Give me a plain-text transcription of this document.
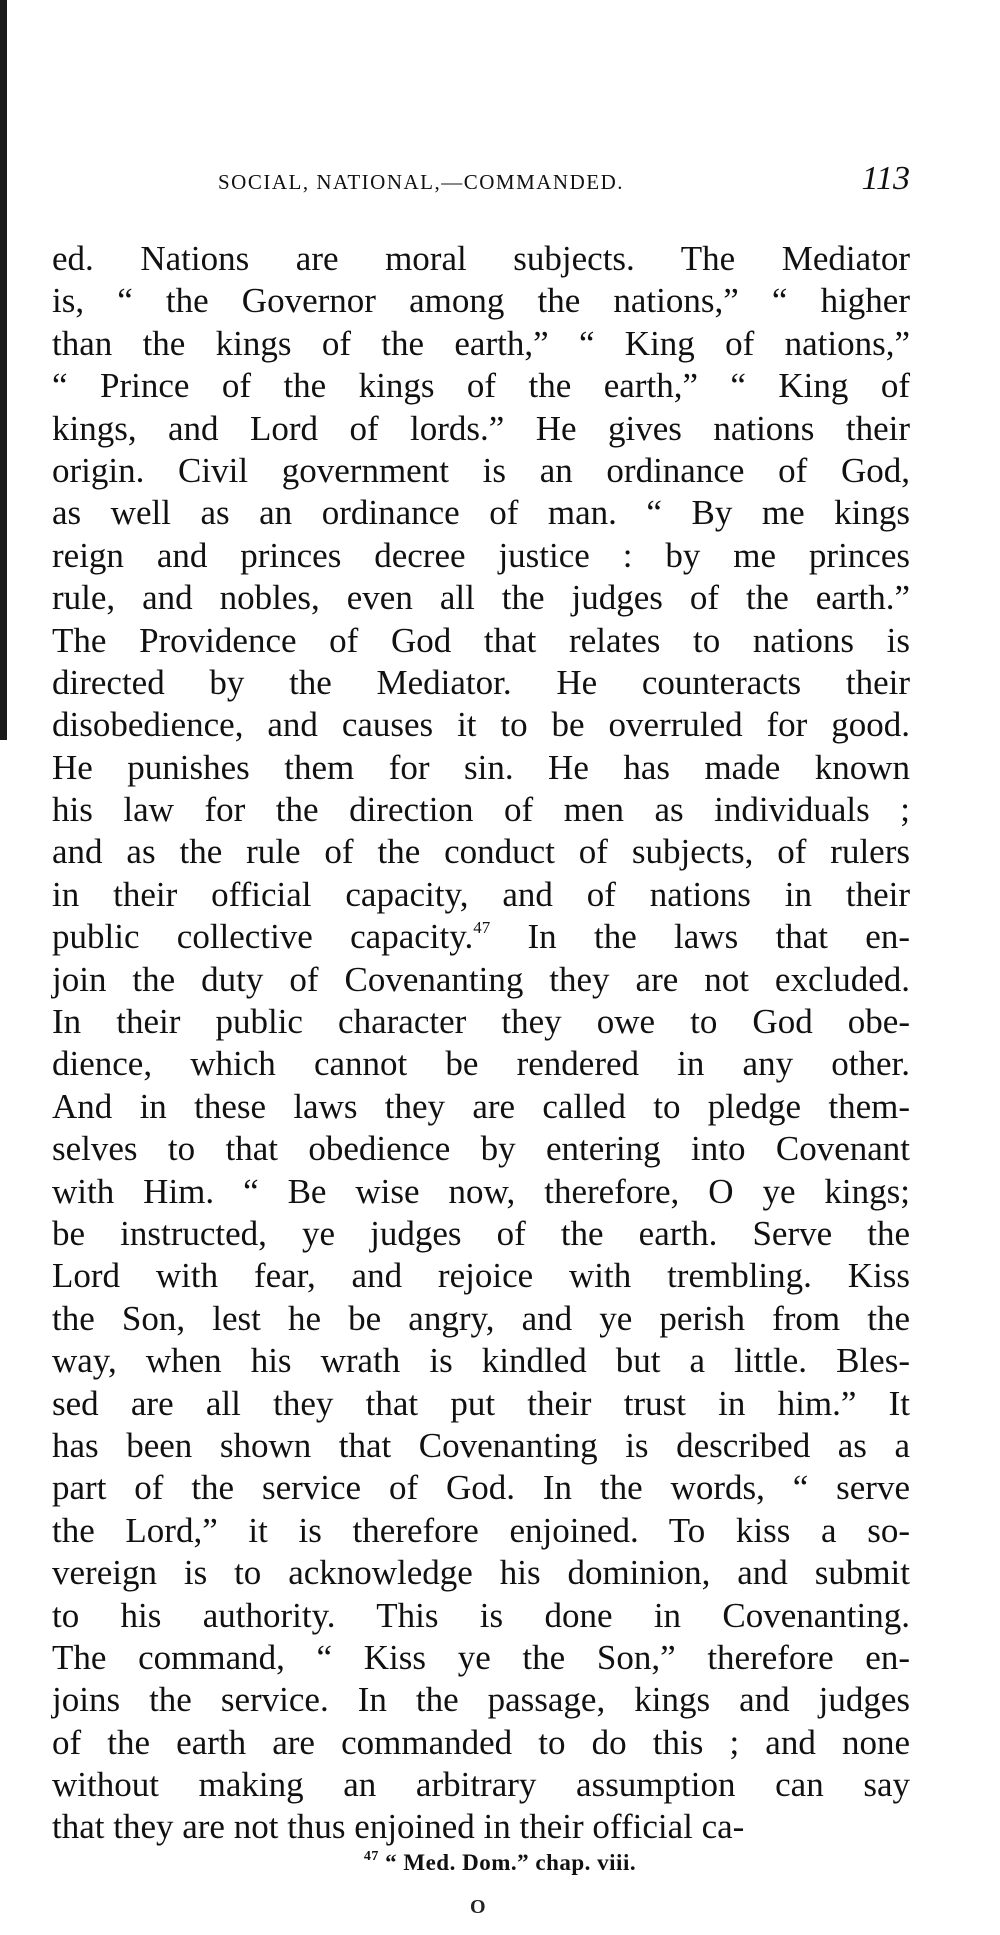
SOCIAL, NATIONAL,—COMMANDED.	113
ed. Nations are moral subjects. The Mediator
is, “ the Governor among the nations,” “ higher
than the kings of the earth,” “ King of nations,”
“ Prince of the kings of the earth,” “ King of
kings, and Lord of lords.” He gives nations their
origin. Civil government is an ordinance of God,
as well as an ordinance of man. “ By me kings
reign and princes decree justice : by me princes
rule, and nobles, even all the judges of the earth.”
The Providence of God that relates to nations is
directed by the Mediator. He counteracts their
disobedience, and causes it to be overruled for good.
He punishes them for sin. He has made known
his law for the direction of men as individuals ;
and as the rule of the conduct of subjects, of rulers
in their official capacity, and of nations in their
public collective capacity.$^{47}$ In the laws that en-
join the duty of Covenanting they are not excluded.
In their public character they owe to God obe-
dience, which cannot be rendered in any other.
And in these laws they are called to pledge them-
selves to that obedience by entering into Covenant
with Him. “ Be wise now, therefore, O ye kings;
be instructed, ye judges of the earth. Serve the
Lord with fear, and rejoice with trembling. Kiss
the Son, lest he be angry, and ye perish from the
way, when his wrath is kindled but a little. Bles-
sed are all they that put their trust in him.” It
has been shown that Covenanting is described as a
part of the service of God. In the words, “ serve
the Lord,” it is therefore enjoined. To kiss a so-
vereign is to acknowledge his dominion, and submit
to his authority. This is done in Covenanting.
The command, “ Kiss ye the Son,” therefore en-
joins the service. In the passage, kings and judges
of the earth are commanded to do this ; and none
without making an arbitrary assumption can say
that they are not thus enjoined in their official ca-
$^{47}$ “ Med. Dom.” chap. viii.
O
